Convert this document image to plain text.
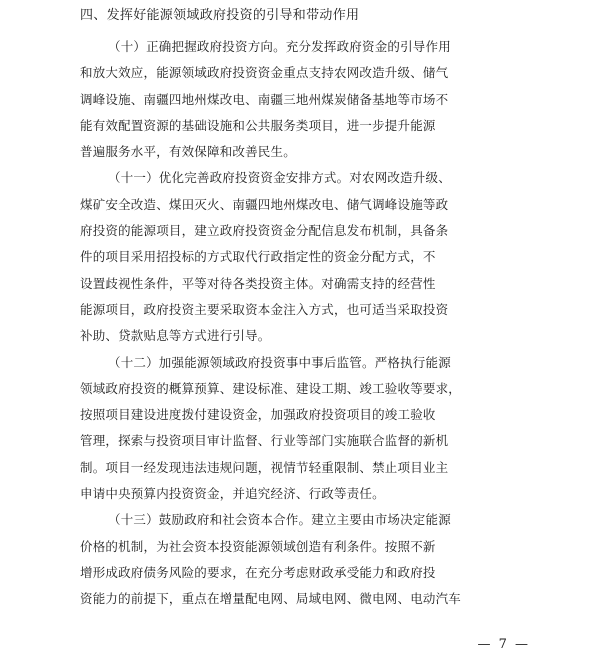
四、发挥好能源领域政府投资的引导和带动作用

（十）正确把握政府投资方向。充分发挥政府资金的引导作用
和放大效应，能源领域政府投资资金重点支持农网改造升级、储气
调峰设施、南疆四地州煤改电、南疆三地州煤炭储备基地等市场不
能有效配置资源的基础设施和公共服务类项目，进一步提升能源
普遍服务水平，有效保障和改善民生。

（十一）优化完善政府投资资金安排方式。对农网改造升级、
煤矿安全改造、煤田灭火、南疆四地州煤改电、储气调峰设施等政
府投资的能源项目，建立政府投资资金分配信息发布机制，具备条
件的项目采用招投标的方式取代行政指定性的资金分配方式，不
设置歧视性条件，平等对待各类投资主体。对确需支持的经营性
能源项目，政府投资主要采取资本金注入方式，也可适当采取投资
补助、贷款贴息等方式进行引导。

（十二）加强能源领域政府投资事中事后监管。严格执行能源
领域政府投资的概算预算、建设标准、建设工期、竣工验收等要求，
按照项目建设进度拨付建设资金，加强政府投资项目的竣工验收
管理，探索与投资项目审计监督、行业等部门实施联合监督的新机
制。项目一经发现违法违规问题，视情节轻重限制、禁止项目业主
申请中央预算内投资资金，并追究经济、行政等责任。

（十三）鼓励政府和社会资本合作。建立主要由市场决定能源
价格的机制，为社会资本投资能源领域创造有利条件。按照不新
增形成政府债务风险的要求，在充分考虑财政承受能力和政府投
资能力的前提下，重点在增量配电网、局域电网、微电网、电动汽车

— 7 —
